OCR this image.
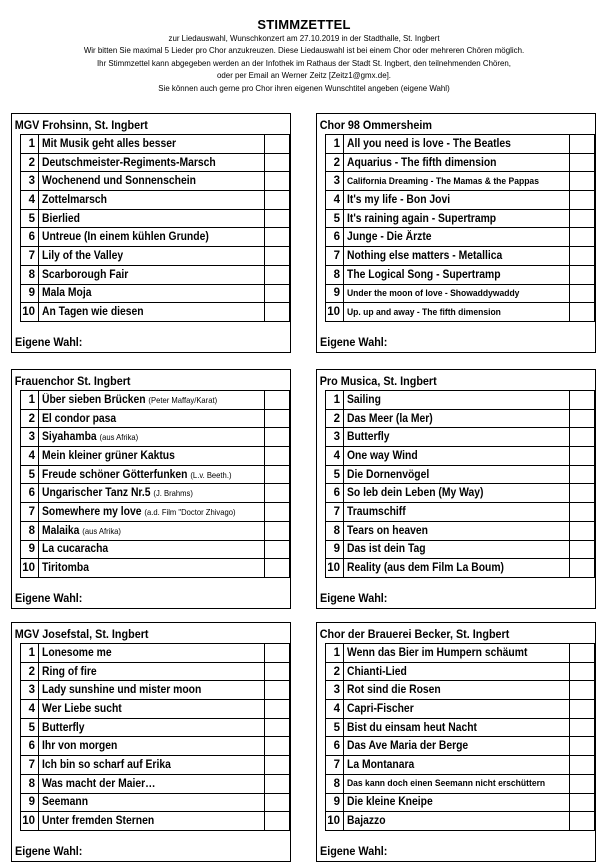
STIMMZETTEL
zur Liedauswahl, Wunschkonzert am 27.10.2019 in der Stadthalle, St. Ingbert
Wir bitten Sie maximal 5 Lieder pro Chor anzukreuzen. Diese Liedauswahl ist bei einem Chor oder mehreren Chören möglich.
Ihr Stimmzettel kann abgegeben werden an der Infothek im Rathaus der Stadt St. Ingbert, den teilnehmenden Chören,
oder per Email an Werner Zeitz [Zeitz1@gmx.de].
Sie können auch gerne pro Chor ihren eigenen Wunschtitel angeben (eigene Wahl)
MGV Frohsinn, St. Ingbert
1	Mit Musik geht alles besser	
2	Deutschmeister-Regiments-Marsch	
3	Wochenend und Sonnenschein	
4	Zottelmarsch	
5	Bierlied	
6	Untreue (In einem kühlen Grunde)	
7	Lily of the Valley	
8	Scarborough Fair	
9	Mala Moja	
10	An Tagen wie diesen	
Eigene Wahl:
Chor 98 Ommersheim
1	All you need is love - The Beatles	
2	Aquarius - The fifth dimension	
3	California Dreaming - The Mamas & the Pappas	
4	It's my life - Bon Jovi	
5	It's raining again - Supertramp	
6	Junge - Die Ärzte	
7	Nothing else matters - Metallica	
8	The Logical Song - Supertramp	
9	Under the moon of love - Showaddywaddy	
10	Up. up and away - The fifth dimension	
Eigene Wahl:
Frauenchor St. Ingbert
1	Über sieben Brücken (Peter Maffay/Karat)	
2	El condor pasa	
3	Siyahamba (aus Afrika)	
4	Mein kleiner grüner Kaktus	
5	Freude schöner Götterfunken (L.v. Beeth.)	
6	Ungarischer Tanz Nr.5 (J. Brahms)	
7	Somewhere my love (a.d. Film "Doctor Zhivago)	
8	Malaika (aus Afrika)	
9	La cucaracha	
10	Tiritomba	
Eigene Wahl:
Pro Musica, St. Ingbert
1	Sailing	
2	Das Meer (la Mer)	
3	Butterfly	
4	One way Wind	
5	Die Dornenvögel	
6	So leb dein Leben (My Way)	
7	Traumschiff	
8	Tears on heaven	
9	Das ist dein Tag	
10	Reality (aus dem Film La Boum)	
Eigene Wahl:
MGV Josefstal, St. Ingbert
1	Lonesome me	
2	Ring of fire	
3	Lady sunshine und mister moon	
4	Wer Liebe sucht	
5	Butterfly	
6	Ihr von morgen	
7	Ich bin so scharf auf Erika	
8	Was macht der Maier…	
9	Seemann	
10	Unter fremden Sternen	
Eigene Wahl:
Chor der Brauerei Becker, St. Ingbert
1	Wenn das Bier im Humpern schäumt	
2	Chianti-Lied	
3	Rot sind die Rosen	
4	Capri-Fischer	
5	Bist du einsam heut Nacht	
6	Das Ave Maria der Berge	
7	La Montanara	
8	Das kann doch einen Seemann nicht erschüttern	
9	Die kleine Kneipe	
10	Bajazzo	
Eigene Wahl:
